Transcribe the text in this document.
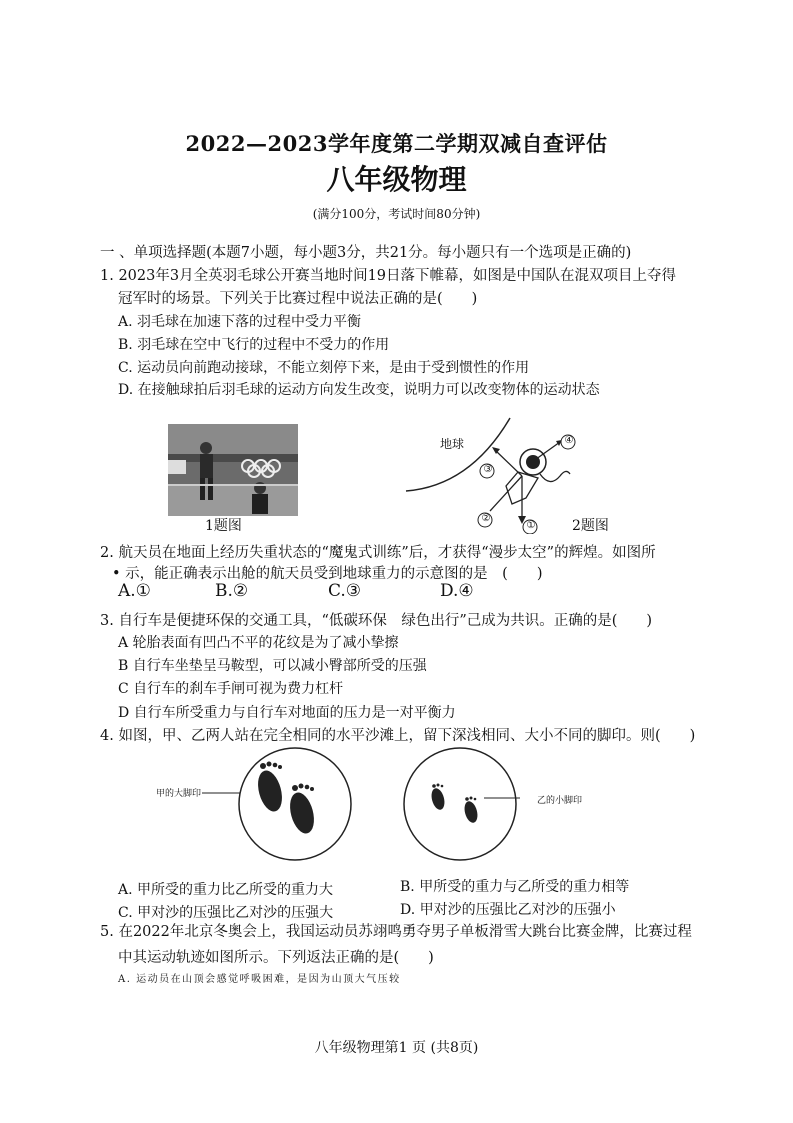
2022—2023学年度第二学期双减自查评估
八年级物理
(满分100分，考试时间80分钟)
一 、单项选择题(本题7小题，每小题3分，共21分。每小题只有一个选项是正确的)
1. 2023年3月全英羽毛球公开赛当地时间19日落下帷幕，如图是中国队在混双项目上夺得
冠军时的场景。下列关于比赛过程中说法正确的是(　　)
A. 羽毛球在加速下落的过程中受力平衡
B. 羽毛球在空中飞行的过程中不受力的作用
C. 运动员向前跑动接球，不能立刻停下来，是由于受到惯性的作用
D. 在接触球拍后羽毛球的运动方向发生改变，说明力可以改变物体的运动状态
1题图
地球	④
③
②
①	2题图
2. 航天员在地面上经历失重状态的“魔鬼式训练”后，才获得“漫步太空”的辉煌。如图所
• 示，能正确表示出舱的航天员受到地球重力的示意图的是　(　　)
A.①	B.②	C.③	D.④
3. 自行车是便捷环保的交通工具，“低碳环保　绿色出行”己成为共识。正确的是(　　)
A 轮胎表面有凹凸不平的花纹是为了减小挚擦
B 自行车坐垫呈马鞍型，可以减小臀部所受的压强
C 自行车的刹车手闸可视为费力杠杆
D 自行车所受重力与自行车对地面的压力是一对平衡力
4. 如图，甲、乙两人站在完全相同的水平沙滩上，留下深浅相同、大小不同的脚印。则(　　)
甲的大脚印
乙的小脚印
A. 甲所受的重力比乙所受的重力大	B. 甲所受的重力与乙所受的重力相等
C. 甲对沙的压强比乙对沙的压强大	D. 甲对沙的压强比乙对沙的压强小
5. 在2022年北京冬奥会上，我国运动员苏翊鸣勇夺男子单板滑雪大跳台比赛金牌，比赛过程
中其运动轨迹如图所示。下列返法正确的是(　　)
A. 运动员在山顶会感觉呼吸困难，是因为山顶大气压较
八年级物理第1 页 (共8页)
